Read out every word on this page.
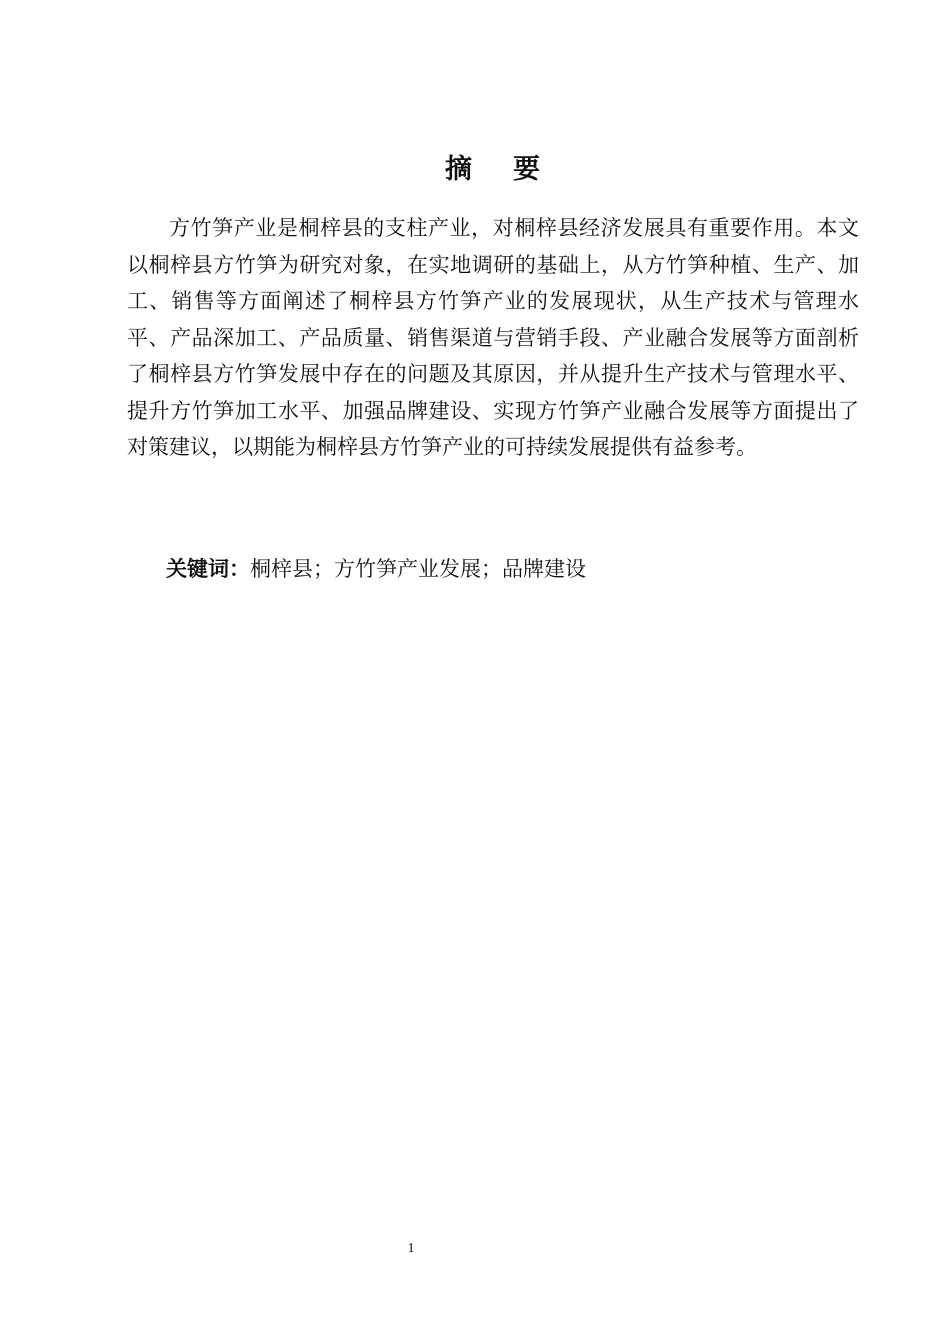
摘 要

方竹笋产业是桐梓县的支柱产业，对桐梓县经济发展具有重要作用。本文以桐梓县方竹笋为研究对象，在实地调研的基础上，从方竹笋种植、生产、加工、销售等方面阐述了桐梓县方竹笋产业的发展现状，从生产技术与管理水平、产品深加工、产品质量、销售渠道与营销手段、产业融合发展等方面剖析了桐梓县方竹笋发展中存在的问题及其原因，并从提升生产技术与管理水平、提升方竹笋加工水平、加强品牌建设、实现方竹笋产业融合发展等方面提出了对策建议，以期能为桐梓县方竹笋产业的可持续发展提供有益参考。

关键词：桐梓县；方竹笋产业发展；品牌建设
1
